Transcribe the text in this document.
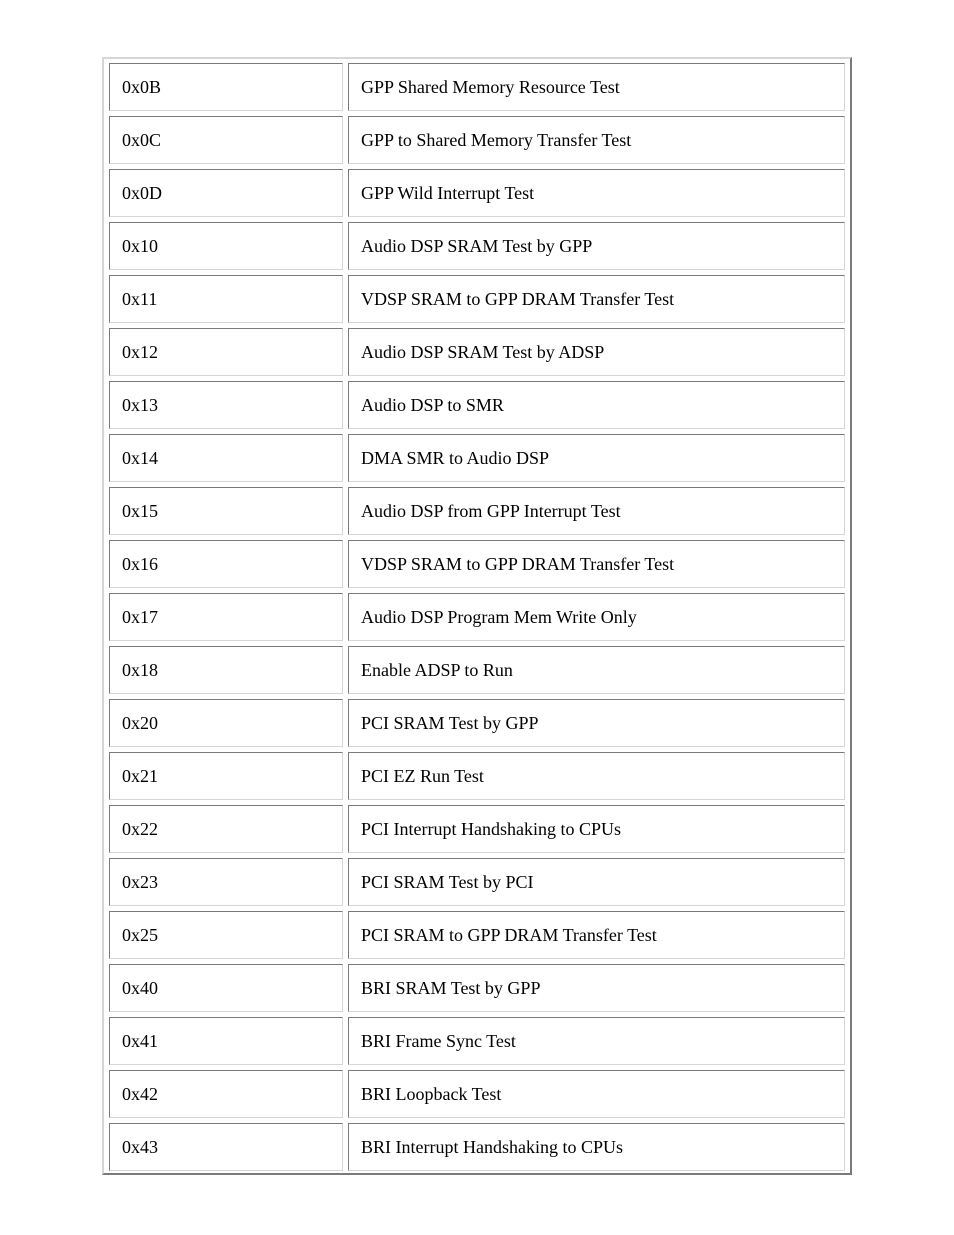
0x0B	GPP Shared Memory Resource Test
0x0C	GPP to Shared Memory Transfer Test
0x0D	GPP Wild Interrupt Test
0x10	Audio DSP SRAM Test by GPP
0x11	VDSP SRAM to GPP DRAM Transfer Test
0x12	Audio DSP SRAM Test by ADSP
0x13	Audio DSP to SMR
0x14	DMA SMR to Audio DSP
0x15	Audio DSP from GPP Interrupt Test
0x16	VDSP SRAM to GPP DRAM Transfer Test
0x17	Audio DSP Program Mem Write Only
0x18	Enable ADSP to Run
0x20	PCI SRAM Test by GPP
0x21	PCI EZ Run Test
0x22	PCI Interrupt Handshaking to CPUs
0x23	PCI SRAM Test by PCI
0x25	PCI SRAM to GPP DRAM Transfer Test
0x40	BRI SRAM Test by GPP
0x41	BRI Frame Sync Test
0x42	BRI Loopback Test
0x43	BRI Interrupt Handshaking to CPUs
